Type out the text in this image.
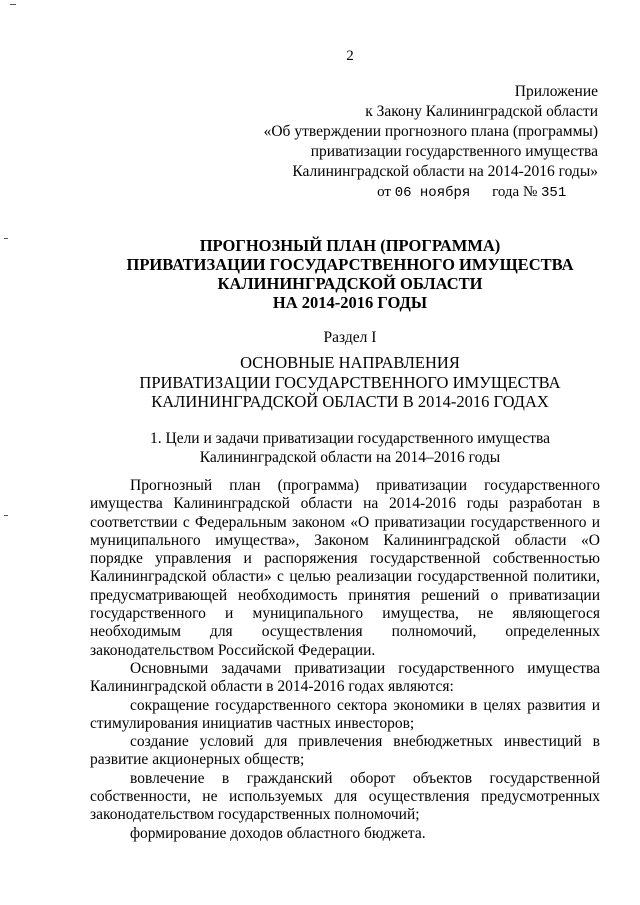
2
Приложение
к Закону Калининградской области
«Об утверждении прогнозного плана (программы)
приватизации государственного имущества
Калининградской области на 2014-2016 годы»
от 06 ноября года № 351
ПРОГНОЗНЫЙ ПЛАН (ПРОГРАММА)
ПРИВАТИЗАЦИИ ГОСУДАРСТВЕННОГО ИМУЩЕСТВА
КАЛИНИНГРАДСКОЙ ОБЛАСТИ
НА 2014-2016 ГОДЫ
Раздел I
ОСНОВНЫЕ НАПРАВЛЕНИЯ
ПРИВАТИЗАЦИИ ГОСУДАРСТВЕННОГО ИМУЩЕСТВА
КАЛИНИНГРАДСКОЙ ОБЛАСТИ В 2014-2016 ГОДАХ
1. Цели и задачи приватизации государственного имущества
Калининградской области на 2014–2016 годы

Прогнозный план (программа) приватизации государственного имущества Калининградской области на 2014-2016 годы разработан в соответствии с Федеральным законом «О приватизации государственного и муниципального имущества», Законом Калининградской области «О порядке управления и распоряжения государственной собственностью Калининградской области» с целью реализации государственной политики, предусматривающей необходимость принятия решений о приватизации государственного и муниципального имущества, не являющегося необходимым для осуществления полномочий, определенных законодательством Российской Федерации.

Основными задачами приватизации государственного имущества Калининградской области в 2014-2016 годах являются:

сокращение государственного сектора экономики в целях развития и стимулирования инициатив частных инвесторов;

создание условий для привлечения внебюджетных инвестиций в развитие акционерных обществ;

вовлечение в гражданский оборот объектов государственной собственности, не используемых для осуществления предусмотренных законодательством государственных полномочий;

формирование доходов областного бюджета.
